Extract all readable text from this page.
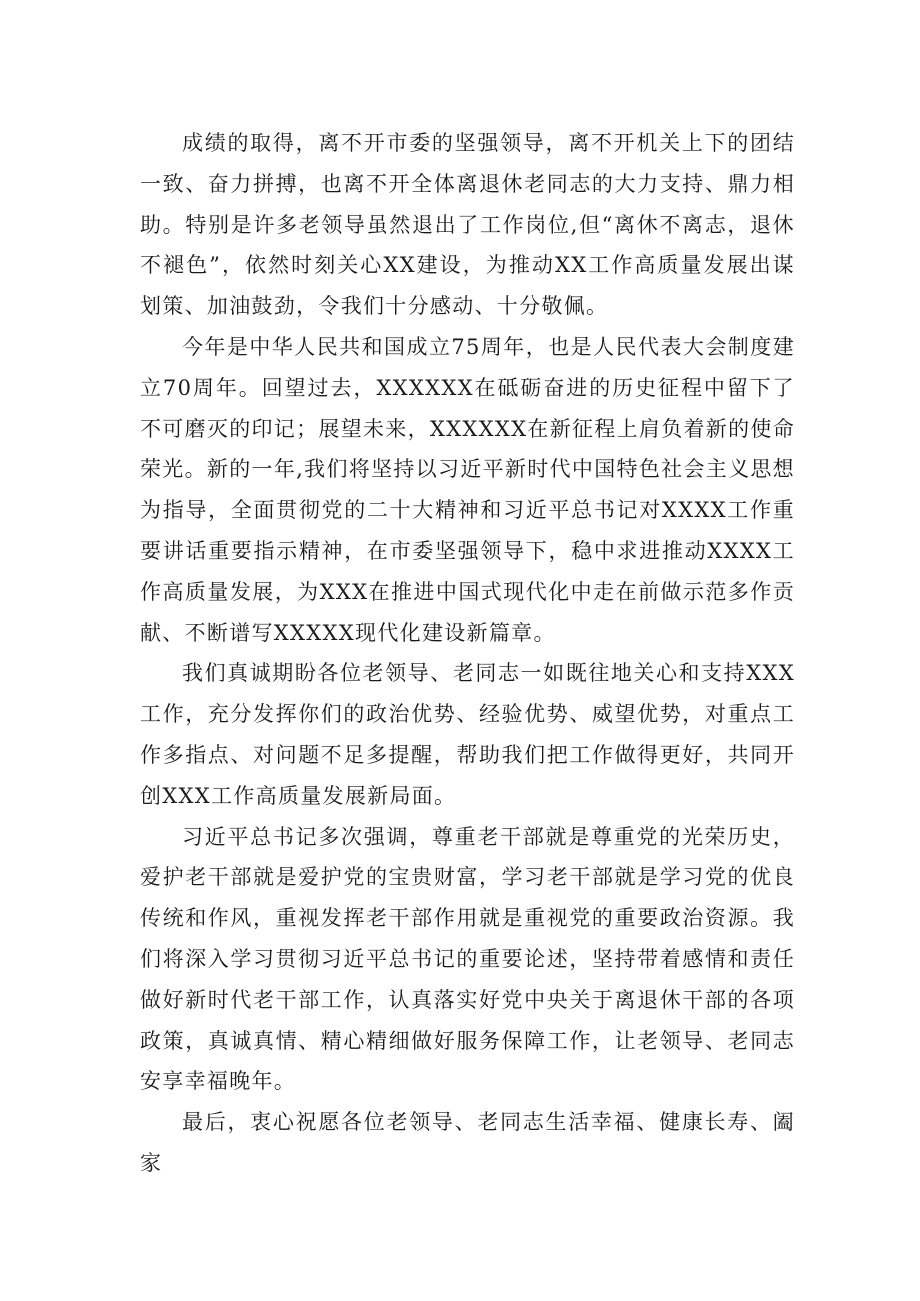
成绩的取得，离不开市委的坚强领导，离不开机关上下的团结一致、奋力拼搏，也离不开全体离退休老同志的大力支持、鼎力相助。特别是许多老领导虽然退出了工作岗位,但“离休不离志，退休不褪色”，依然时刻关心XX建设，为推动XX工作高质量发展出谋划策、加油鼓劲，令我们十分感动、十分敬佩。

今年是中华人民共和国成立75周年，也是人民代表大会制度建立70周年。回望过去，XXXXXX在砥砺奋进的历史征程中留下了不可磨灭的印记；展望未来，XXXXXX在新征程上肩负着新的使命荣光。新的一年,我们将坚持以习近平新时代中国特色社会主义思想为指导，全面贯彻党的二十大精神和习近平总书记对XXXX工作重要讲话重要指示精神，在市委坚强领导下，稳中求进推动XXXX工作高质量发展，为XXX在推进中国式现代化中走在前做示范多作贡献、不断谱写XXXXX现代化建设新篇章。

我们真诚期盼各位老领导、老同志一如既往地关心和支持XXX工作，充分发挥你们的政治优势、经验优势、威望优势，对重点工作多指点、对问题不足多提醒，帮助我们把工作做得更好，共同开创XXX工作高质量发展新局面。

习近平总书记多次强调，尊重老干部就是尊重党的光荣历史，爱护老干部就是爱护党的宝贵财富，学习老干部就是学习党的优良传统和作风，重视发挥老干部作用就是重视党的重要政治资源。我们将深入学习贯彻习近平总书记的重要论述，坚持带着感情和责任做好新时代老干部工作，认真落实好党中央关于离退休干部的各项政策，真诚真情、精心精细做好服务保障工作，让老领导、老同志安享幸福晚年。

最后，衷心祝愿各位老领导、老同志生活幸福、健康长寿、阖家
